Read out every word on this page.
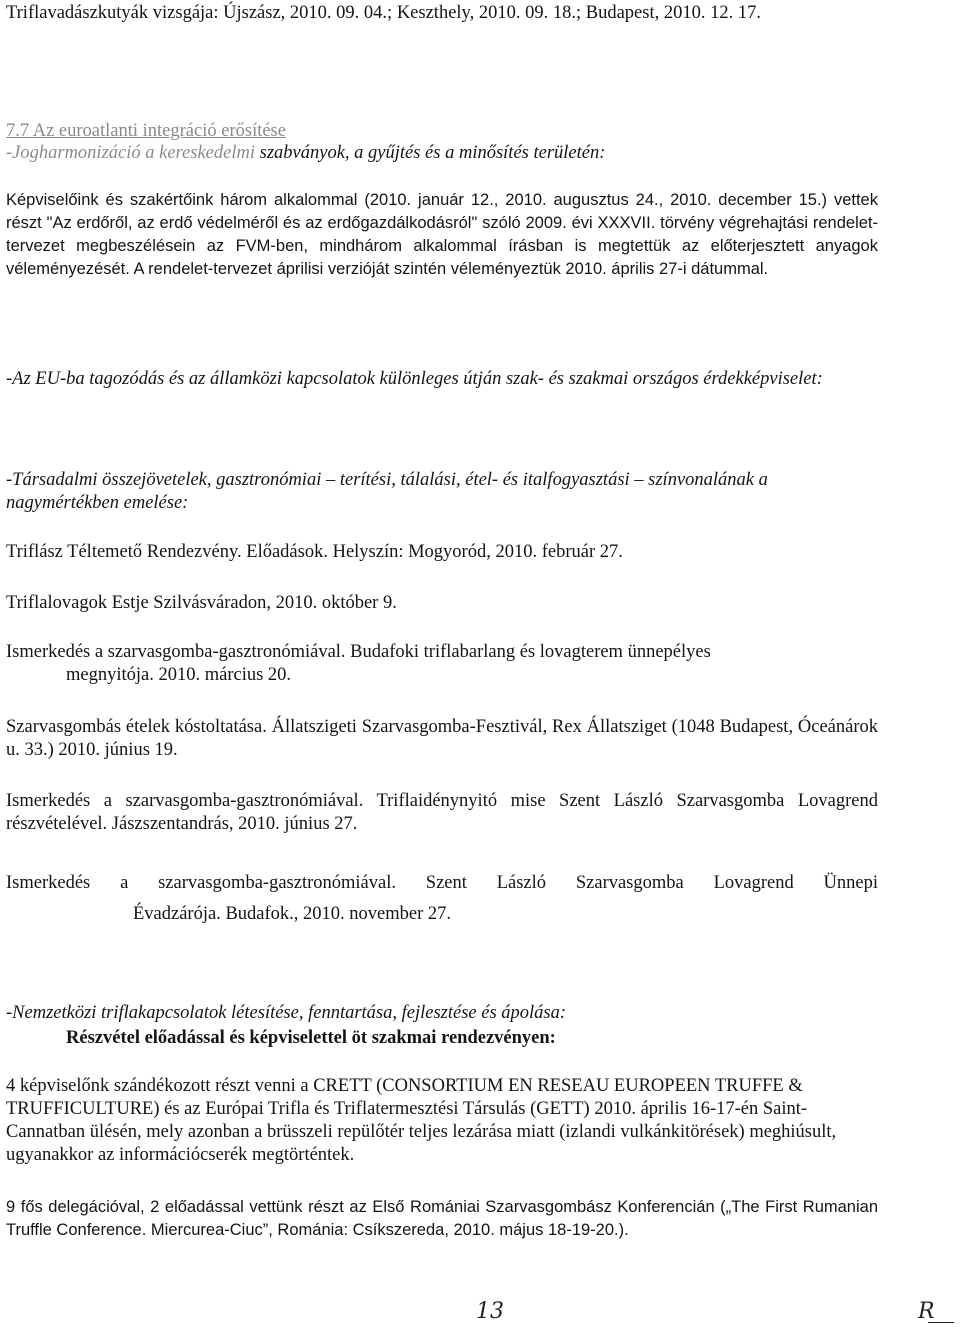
Triflavadászkutyák vizsgája: Újszász, 2010. 09. 04.; Keszthely, 2010. 09. 18.; Budapest, 2010. 12. 17.

7.7 Az euroatlanti integráció erősítése

-Jogharmonizáció a kereskedelmi szabványok, a gyűjtés és a minősítés területén:

Képviselőink és szakértőink három alkalommal (2010. január 12., 2010. augusztus 24., 2010. december 15.) vettek részt "Az erdőről, az erdő védelméről és az erdőgazdálkodásról" szóló 2009. évi XXXVII. törvény végrehajtási rendelet-tervezet megbeszélésein az FVM-ben, mindhárom alkalommal írásban is megtettük az előterjesztett anyagok véleményezését. A rendelet-tervezet áprilisi verzióját szintén véleményeztük 2010. április 27-i dátummal.

-Az EU-ba tagozódás és az államközi kapcsolatok különleges útján szak- és szakmai országos érdekképviselet:

-Társadalmi összejövetelek, gasztronómiai – terítési, tálalási, étel- és italfogyasztási – színvonalának a nagymértékben emelése:

Triflász Téltemető Rendezvény. Előadások. Helyszín: Mogyoród, 2010. február 27.

Triflalovagok Estje Szilvásváradon, 2010. október 9.

Ismerkedés a szarvasgomba-gasztronómiával. Budafoki triflabarlang és lovagterem ünnepélyes

megnyitója. 2010. március 20.

Szarvasgombás ételek kóstoltatása. Állatszigeti Szarvasgomba-Fesztivál, Rex Állatsziget (1048 Budapest, Óceánárok u. 33.) 2010. június 19.

Ismerkedés a szarvasgomba-gasztronómiával. Triflaidénynyitó mise Szent László Szarvasgomba Lovagrend részvételével. Jászszentandrás, 2010. június 27.

Ismerkedés a szarvasgomba-gasztronómiával. Szent László Szarvasgomba Lovagrend Ünnepi

Évadzárója. Budafok., 2010. november 27.

-Nemzetközi triflakapcsolatok létesítése, fenntartása, fejlesztése és ápolása:

Részvétel előadással és képviselettel öt szakmai rendezvényen:

4 képviselőnk szándékozott részt venni a CRETT (CONSORTIUM EN RESEAU EUROPEEN TRUFFE & TRUFFICULTURE) és az Európai Trifla és Triflatermesztési Társulás (GETT) 2010. április 16-17-én Saint-Cannatban ülésén, mely azonban a brüsszeli repülőtér teljes lezárása miatt (izlandi vulkánkitörések) meghiúsult, ugyanakkor az információcserék megtörténtek.

9 fős delegációval, 2 előadással vettünk részt az Első Romániai Szarvasgombász Konferencián („The First Rumanian Truffle Conference. Miercurea-Ciuc”, Románia: Csíkszereda, 2010. május 18-19-20.).

13	R
